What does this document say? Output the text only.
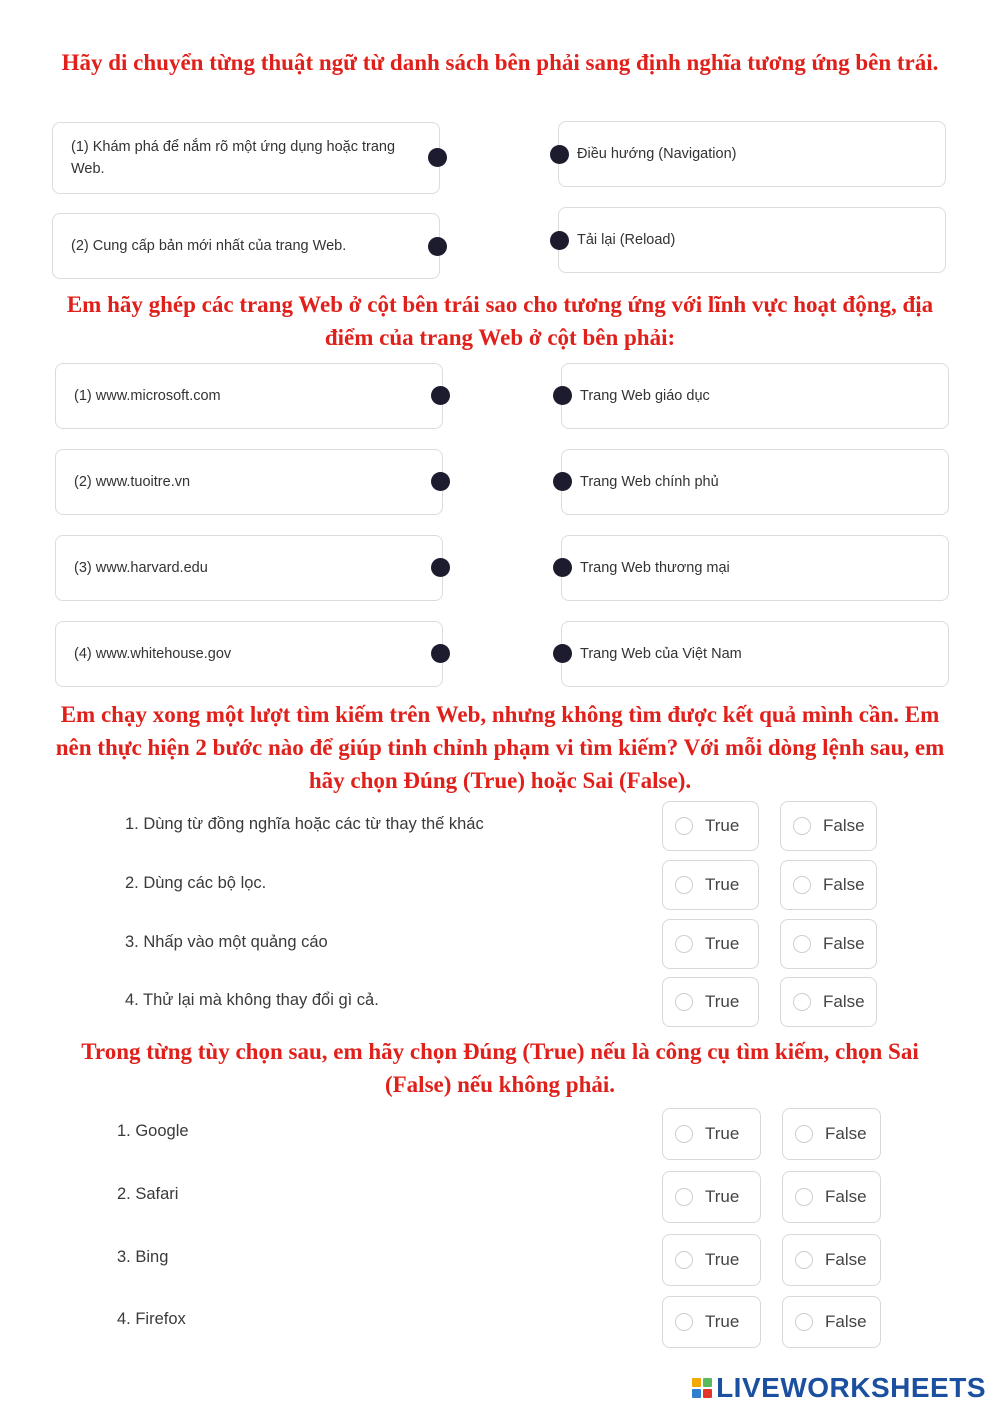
Hãy di chuyển từng thuật ngữ từ danh sách bên phải sang định nghĩa tương ứng bên trái.
(1) Khám phá để nắm rõ một ứng dụng hoặc trang Web.
(2) Cung cấp bản mới nhất của trang Web.
Điều hướng (Navigation)
Tải lại (Reload)
Em hãy ghép các trang Web ở cột bên trái sao cho tương ứng với lĩnh vực hoạt động, địa điểm của trang Web ở cột bên phải:
(1) www.microsoft.com
(2) www.tuoitre.vn
(3) www.harvard.edu
(4) www.whitehouse.gov
Trang Web giáo dục
Trang Web chính phủ
Trang Web thương mại
Trang Web của Việt Nam
Em chạy xong một lượt tìm kiếm trên Web, nhưng không tìm được kết quả mình cần. Em nên thực hiện 2 bước nào để giúp tinh chỉnh phạm vi tìm kiếm? Với mỗi dòng lệnh sau, em hãy chọn Đúng (True) hoặc Sai (False).
1. Dùng từ đồng nghĩa hoặc các từ thay thế khác	True	False
2. Dùng các bộ lọc.	True	False
3. Nhấp vào một quảng cáo	True	False
4. Thử lại mà không thay đổi gì cả.	True	False
Trong từng tùy chọn sau, em hãy chọn Đúng (True) nếu là công cụ tìm kiếm, chọn Sai (False) nếu không phải.
1. Google	True	False
2. Safari	True	False
3. Bing	True	False
4. Firefox	True	False
LIVEWORKSHEETS
